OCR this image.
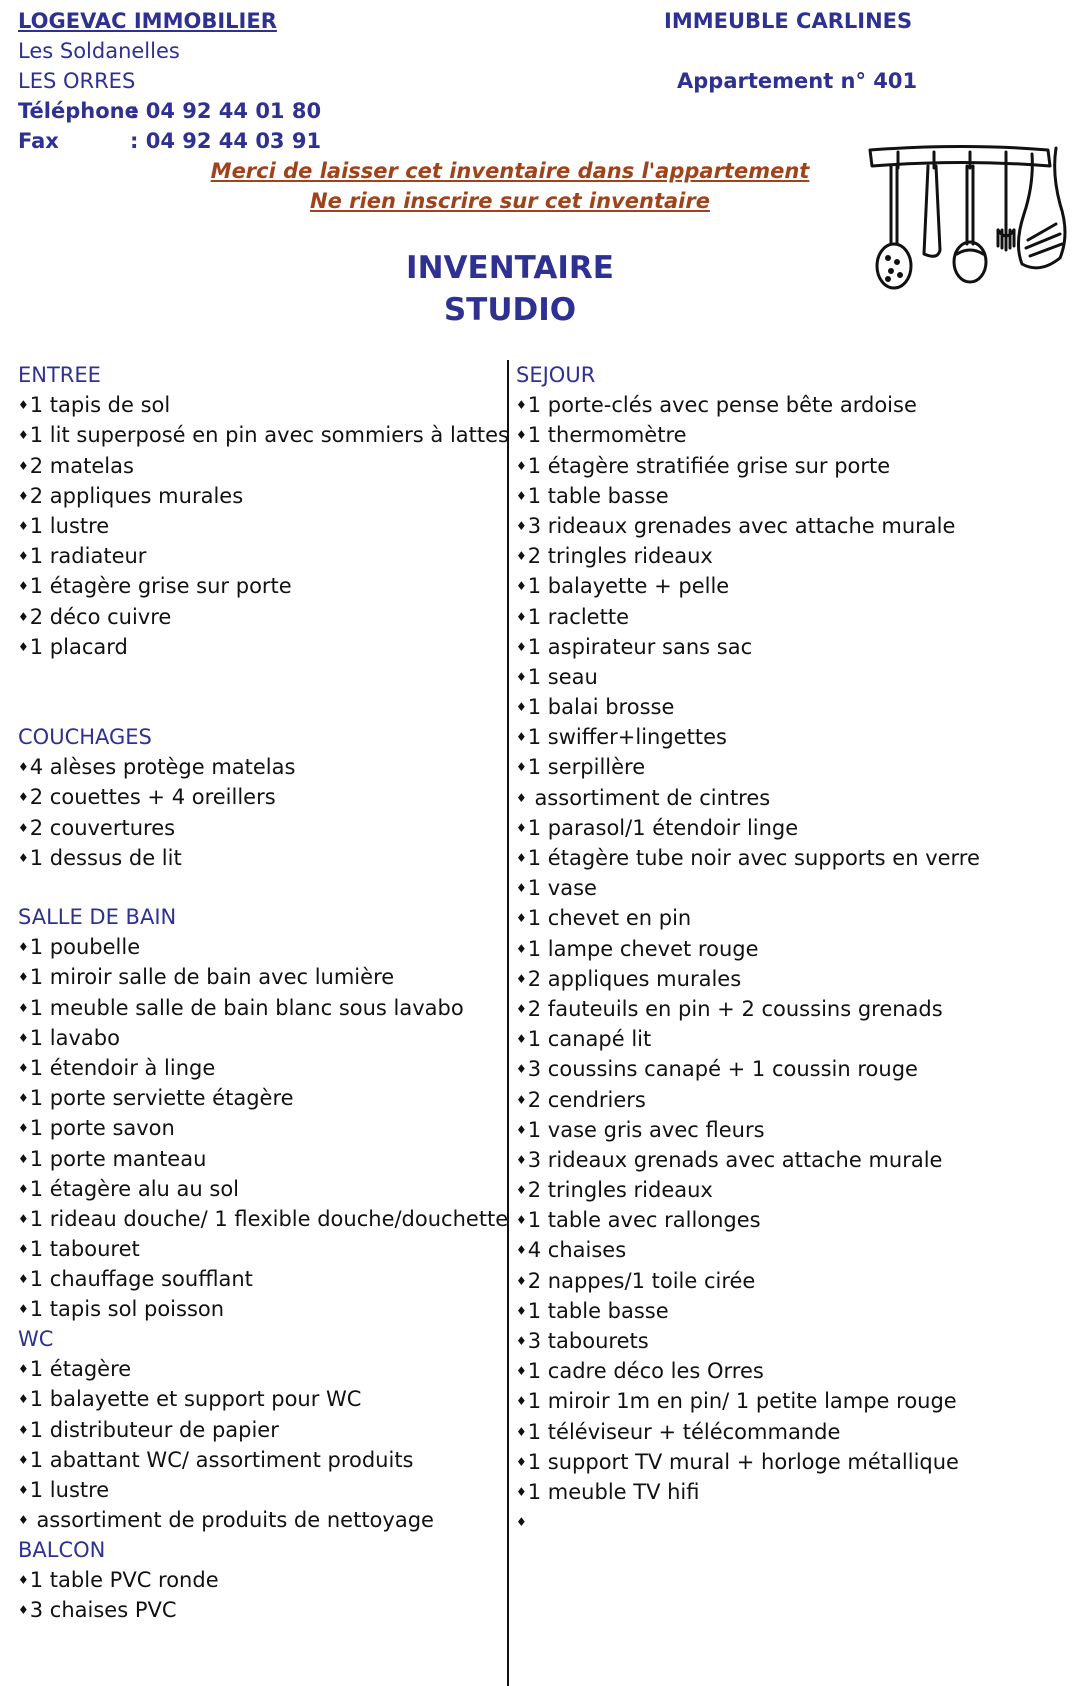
LOGEVAC IMMOBILIER
Les Soldanelles
LES ORRES
Téléphone: 04 92 44 01 80
Fax	: 04 92 44 03 91
IMMEUBLE CARLINES
Appartement n° 401
Merci de laisser cet inventaire dans l'appartement
Ne rien inscrire sur cet inventaire
INVENTAIRE
STUDIO
ENTREE
♦ 1 tapis de sol
♦ 1 lit superposé en pin avec sommiers à lattes
♦ 2 matelas
♦ 2 appliques murales
♦ 1 lustre
♦ 1 radiateur
♦ 1 étagère grise sur porte
♦ 2 déco cuivre
♦ 1 placard
COUCHAGES
♦ 4 alèses protège matelas
♦ 2 couettes + 4 oreillers
♦ 2 couvertures
♦ 1 dessus de lit
SALLE DE BAIN
♦ 1 poubelle
♦ 1 miroir salle de bain avec lumière
♦ 1 meuble salle de bain blanc sous lavabo
♦ 1 lavabo
♦ 1 étendoir à linge
♦ 1 porte serviette étagère
♦ 1 porte savon
♦ 1 porte manteau
♦ 1 étagère alu au sol
♦ 1 rideau douche/ 1 flexible douche/douchette
♦ 1 tabouret
♦ 1 chauffage soufflant
♦ 1 tapis sol poisson
WC
♦ 1 étagère
♦ 1 balayette et support pour WC
♦ 1 distributeur de papier
♦ 1 abattant WC/ assortiment produits
♦ 1 lustre
♦ assortiment de produits de nettoyage
BALCON
♦ 1 table PVC ronde
♦ 3 chaises PVC
SEJOUR
♦ 1 porte-clés avec pense bête ardoise
♦ 1 thermomètre
♦ 1 étagère stratifiée grise sur porte
♦ 1 table basse
♦ 3 rideaux grenades avec attache murale
♦ 2 tringles rideaux
♦ 1 balayette + pelle
♦ 1 raclette
♦ 1 aspirateur sans sac
♦ 1 seau
♦ 1 balai brosse
♦ 1 swiffer+lingettes
♦ 1 serpillère
♦ assortiment de cintres
♦ 1 parasol/1 étendoir linge
♦ 1 étagère tube noir avec supports en verre
♦ 1 vase
♦ 1 chevet en pin
♦ 1 lampe chevet rouge
♦ 2 appliques murales
♦ 2 fauteuils en pin + 2 coussins grenads
♦ 1 canapé lit
♦ 3 coussins canapé + 1 coussin rouge
♦ 2 cendriers
♦ 1 vase gris avec fleurs
♦ 3 rideaux grenads avec attache murale
♦ 2 tringles rideaux
♦ 1 table avec rallonges
♦ 4 chaises
♦ 2 nappes/1 toile cirée
♦ 1 table basse
♦ 3 tabourets
♦ 1 cadre déco les Orres
♦ 1 miroir 1m en pin/ 1 petite lampe rouge
♦ 1 téléviseur + télécommande
♦ 1 support TV mural + horloge métallique
♦ 1 meuble TV hifi
♦
